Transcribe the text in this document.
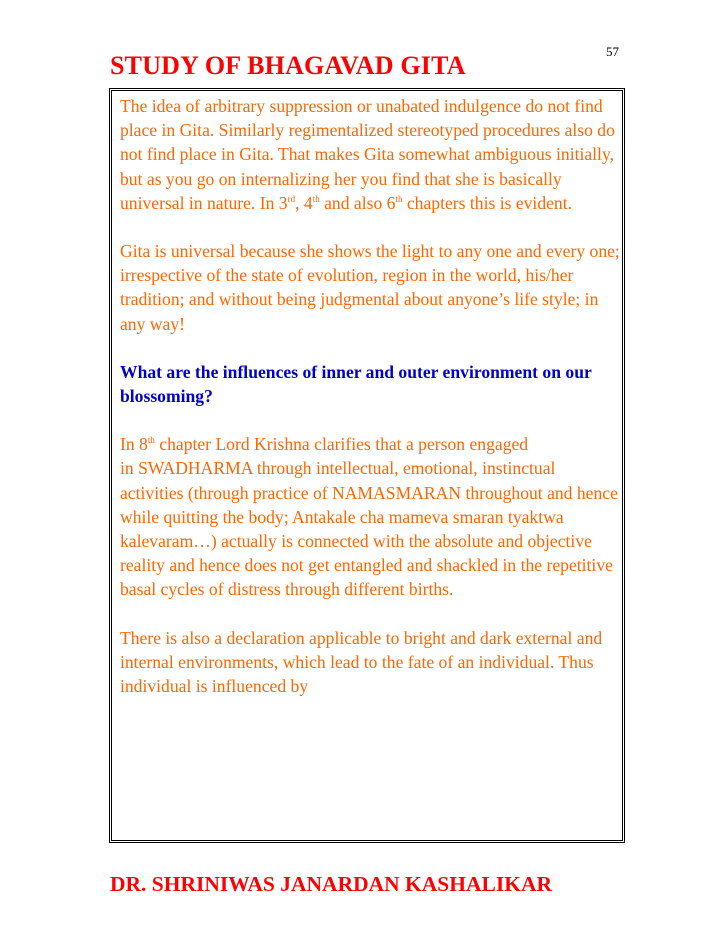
57
STUDY OF BHAGAVAD GITA

The idea of arbitrary suppression or unabated indulgence do not find place in Gita. Similarly regimentalized stereotyped procedures also do not find place in Gita. That makes Gita somewhat ambiguous initially, but as you go on internalizing her you find that she is basically universal in nature. In 3rd, 4th and also 6th chapters this is evident.

Gita is universal because she shows the light to any one and every one; irrespective of the state of evolution, region in the world, his/her tradition; and without being judgmental about anyone’s life style; in any way!

What are the influences of inner and outer environment on our blossoming?

In 8th chapter Lord Krishna clarifies that a person engaged
in SWADHARMA through intellectual, emotional, instinctual activities (through practice of NAMASMARAN throughout and hence while quitting the body; Antakale cha mameva smaran tyaktwa kalevaram…) actually is connected with the absolute and objective reality and hence does not get entangled and shackled in the repetitive basal cycles of distress through different births.

There is also a declaration applicable to bright and dark external and internal environments, which lead to the fate of an individual. Thus individual is influenced by

DR. SHRINIWAS JANARDAN KASHALIKAR
